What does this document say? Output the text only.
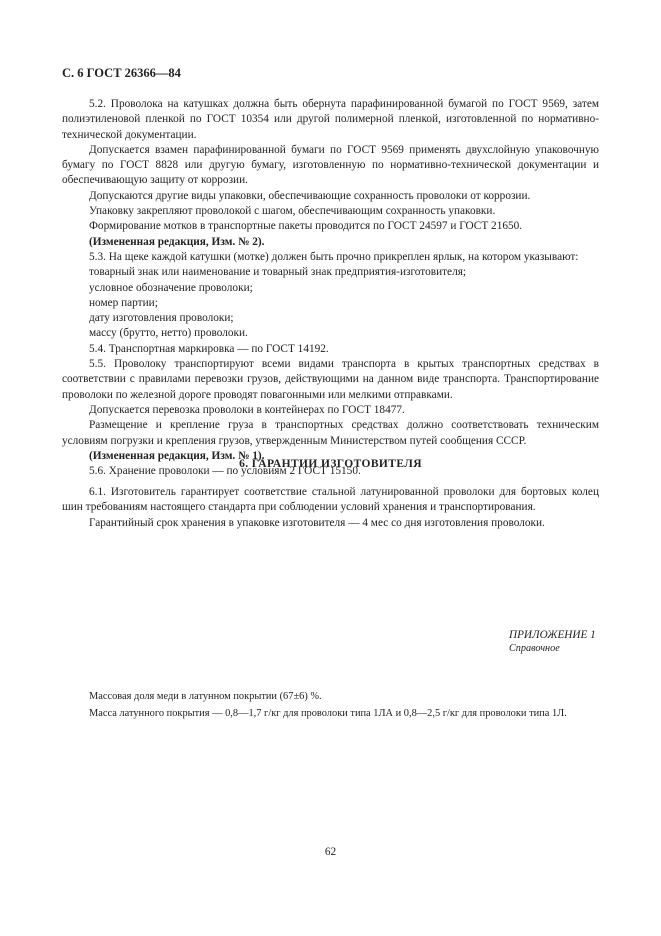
С. 6 ГОСТ 26366—84

5.2. Проволока на катушках должна быть обернута парафинированной бумагой по ГОСТ 9569, затем полиэтиленовой пленкой по ГОСТ 10354 или другой полимерной пленкой, изготовленной по нормативно-технической документации.

Допускается взамен парафинированной бумаги по ГОСТ 9569 применять двухслойную упаковочную бумагу по ГОСТ 8828 или другую бумагу, изготовленную по нормативно-технической документации и обеспечивающую защиту от коррозии.

Допускаются другие виды упаковки, обеспечивающие сохранность проволоки от коррозии.

Упаковку закрепляют проволокой с шагом, обеспечивающим сохранность упаковки.

Формирование мотков в транспортные пакеты проводится по ГОСТ 24597 и ГОСТ 21650.

(Измененная редакция, Изм. № 2).

5.3. На щеке каждой катушки (мотке) должен быть прочно прикреплен ярлык, на котором указывают:

товарный знак или наименование и товарный знак предприятия-изготовителя;

условное обозначение проволоки;

номер партии;

дату изготовления проволоки;

массу (брутто, нетто) проволоки.

5.4. Транспортная маркировка — по ГОСТ 14192.

5.5. Проволоку транспортируют всеми видами транспорта в крытых транспортных средствах в соответствии с правилами перевозки грузов, действующими на данном виде транспорта. Транспортирование проволоки по железной дороге проводят повагонными или мелкими отправками.

Допускается перевозка проволоки в контейнерах по ГОСТ 18477.

Размещение и крепление груза в транспортных средствах должно соответствовать техническим условиям погрузки и крепления грузов, утвержденным Министерством путей сообщения СССР.

(Измененная редакция, Изм. № 1).

5.6. Хранение проволоки — по условиям 2 ГОСТ 15150.

6. ГАРАНТИИ ИЗГОТОВИТЕЛЯ

6.1. Изготовитель гарантирует соответствие стальной латунированной проволоки для бортовых колец шин требованиям настоящего стандарта при соблюдении условий хранения и транспортирования.

Гарантийный срок хранения в упаковке изготовителя — 4 мес со дня изготовления проволоки.

ПРИЛОЖЕНИЕ 1
Справочное
Массовая доля меди в латунном покрытии (67±6) %.
Масса латунного покрытия — 0,8—1,7 г/кг для проволоки типа 1ЛА и 0,8—2,5 г/кг для проволоки типа 1Л.
62
